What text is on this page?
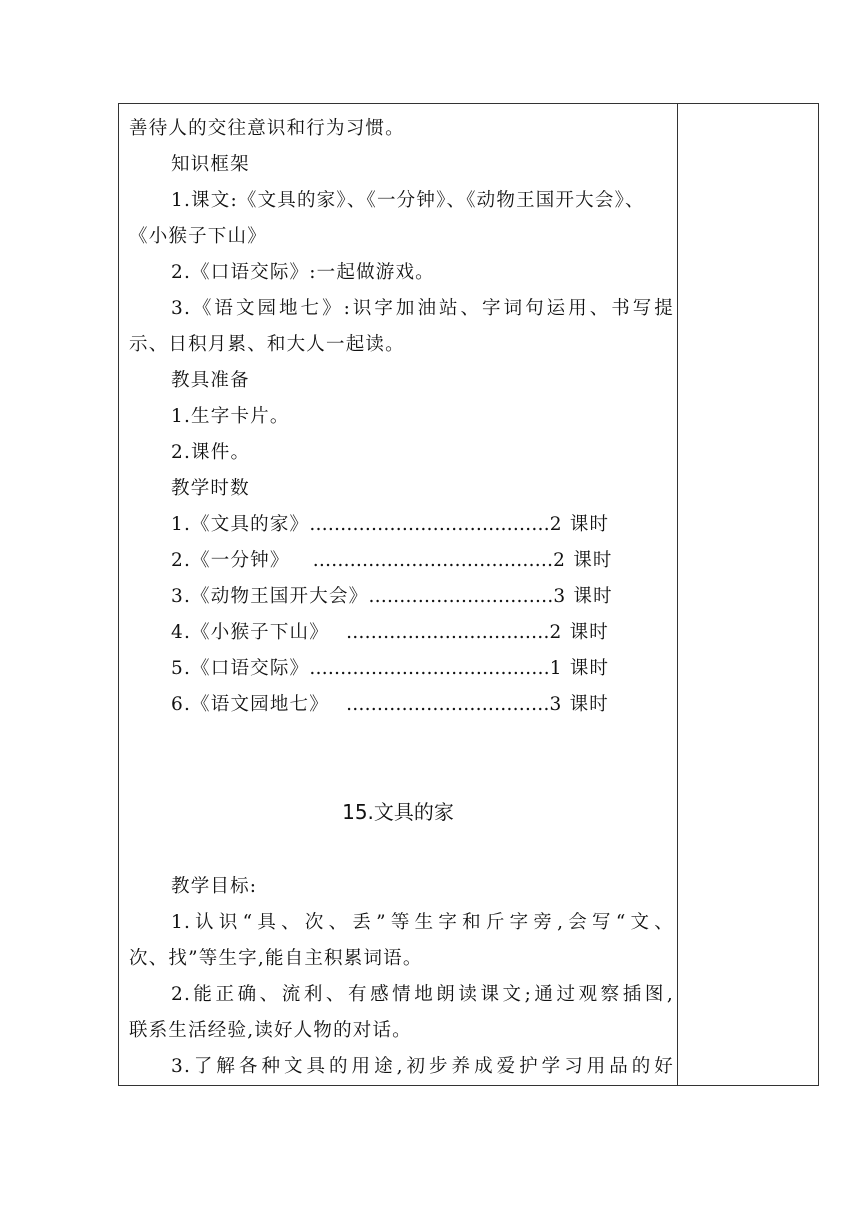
善待人的交往意识和行为习惯。
知识框架
1.课文:《文具的家》、《一分钟》、《动物王国开大会》、
《小猴子下山》
2.《口语交际》:一起做游戏。
3.《语文园地七》:识字加油站、字词句运用、书写提
示、日积月累、和大人一起读。
教具准备
1.生字卡片。
2.课件。
教学时数
1.《文具的家》…………………………………2 课时
2.《一分钟》 …………………………………2 课时
3.《动物王国开大会》…………………………3 课时
4.《小猴子下山》 ……………………………2 课时
5.《口语交际》…………………………………1 课时
6.《语文园地七》 ……………………………3 课时
15.文具的家
教学目标:
1.认识“具、次、丢”等生字和斤字旁,会写“文、
次、找”等生字,能自主积累词语。
2.能正确、流利、有感情地朗读课文;通过观察插图,
联系生活经验,读好人物的对话。
3.了解各种文具的用途,初步养成爱护学习用品的好
